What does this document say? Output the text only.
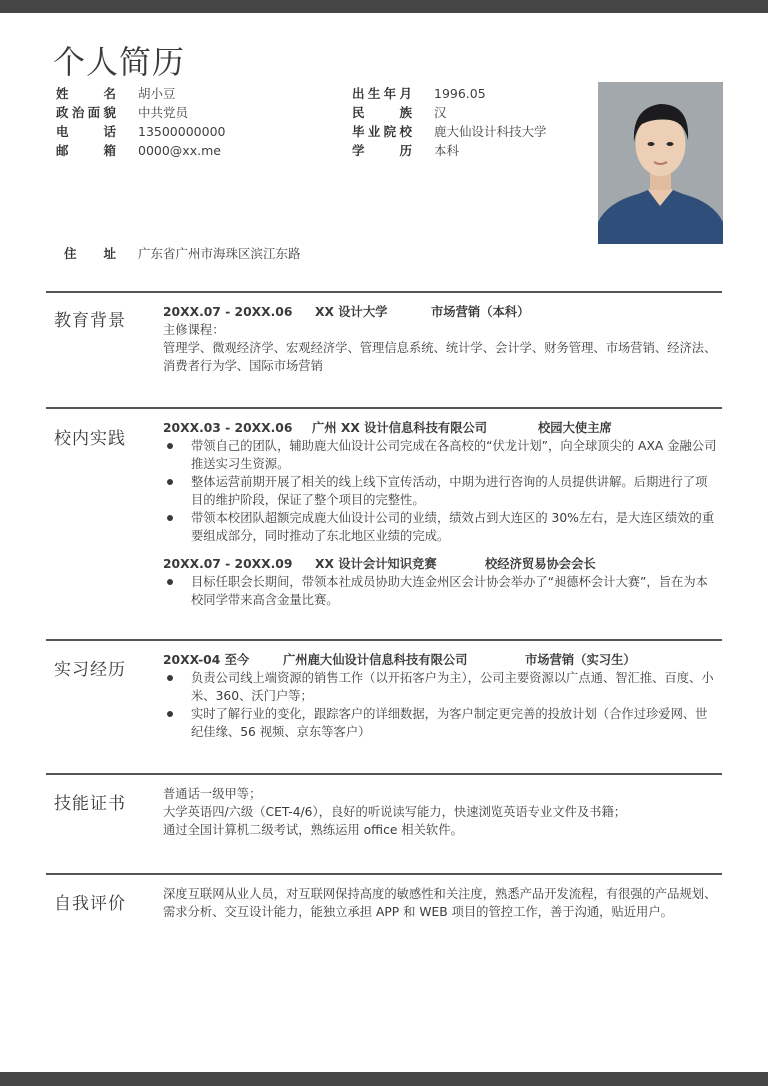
个人简历
姓名 胡小豆
政治面貌 中共党员
电话 13500000000
邮箱 0000@xx.me
出生年月 1996.05
民族 汉
毕业院校 鹿大仙设计科技大学
学历 本科
住址 广东省广州市海珠区滨江东路
教育背景	20XX.07 - 20XX.06 XX 设计大学	市场营销（本科）
主修课程：
管理学、微观经济学、宏观经济学、管理信息系统、统计学、会计学、财务管理、市场营销、经济法、消费者行为学、国际市场营销
校内实践
20XX.03 - 20XX.06 广州 XX 设计信息科技有限公司	校园大使主席
带领自己的团队，辅助鹿大仙设计公司完成在各高校的“伏龙计划”，向全球顶尖的 AXA 金融公司推送实习生资源。
整体运营前期开展了相关的线上线下宣传活动，中期为进行咨询的人员提供讲解。后期进行了项目的维护阶段，保证了整个项目的完整性。
带领本校团队超额完成鹿大仙设计公司的业绩，绩效占到大连区的 30%左右，是大连区绩效的重要组成部分，同时推动了东北地区业绩的完成。
20XX.07 - 20XX.09 XX 设计会计知识竞赛	校经济贸易协会会长
目标任职会长期间，带领本社成员协助大连金州区会计协会举办了“昶德杯会计大赛”，旨在为本校同学带来高含金量比赛。
实习经历	20XX-04 至今	广州鹿大仙设计信息科技有限公司	市场营销（实习生）
负责公司线上端资源的销售工作（以开拓客户为主），公司主要资源以广点通、智汇推、百度、小米、360、沃门户等；
实时了解行业的变化，跟踪客户的详细数据，为客户制定更完善的投放计划（合作过珍爱网、世纪佳缘、56 视频、京东等客户）
技能证书	普通话一级甲等；
大学英语四/六级（CET-4/6），良好的听说读写能力，快速浏览英语专业文件及书籍；
通过全国计算机二级考试，熟练运用 office 相关软件。
自我评价	深度互联网从业人员，对互联网保持高度的敏感性和关注度，熟悉产品开发流程，有很强的产品规划、需求分析、交互设计能力，能独立承担 APP 和 WEB 项目的管控工作，善于沟通，贴近用户。
